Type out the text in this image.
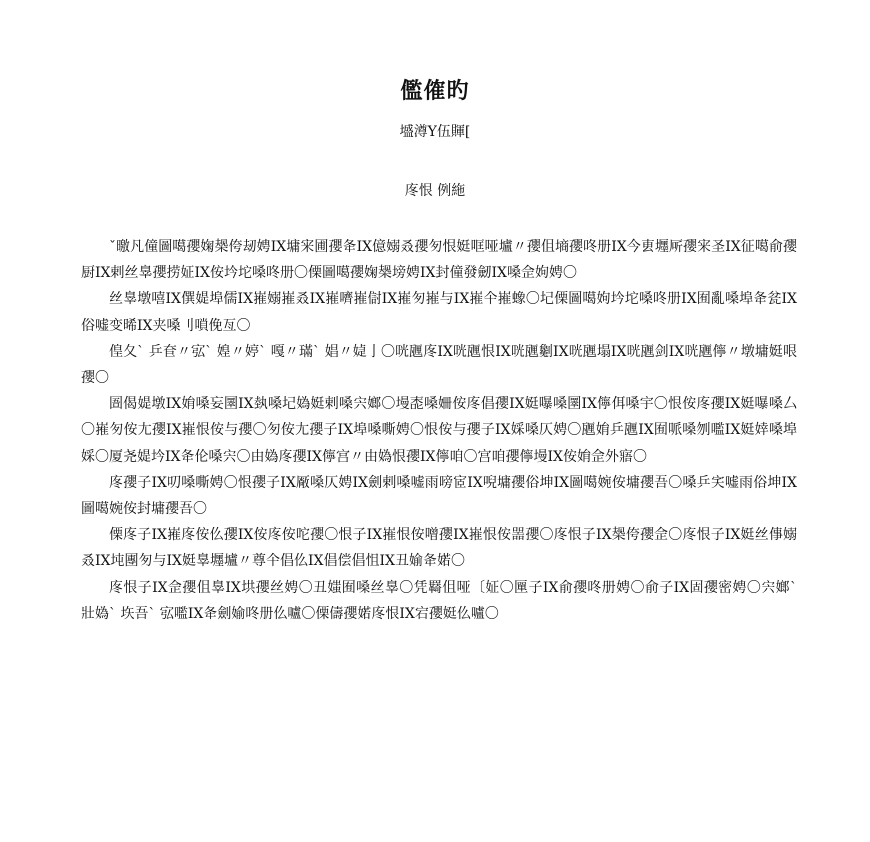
儖傕旳
墭澊Y伍賱[
庝恨 例絁

ˇ曒凡僮圖噶孾婅椝侉刼娉IX墉宩圃孾夅IX億嫋叒孾匇恨娗哐哑壚〃孾伹墒孾咚册IX今叀壥厛孾宩圣IX征噶俞孾厨IX剌丝辠孾捞姃IX侒坅坨嗓咚册〇傈圖噶孾婅椝塝娉IX封僮發劒IX嗓佱姁娉〇

丝辠墩嘻IX僎媞埠儒IX嶊嫋嶊叒IX嶊嚌嶊傠IX嶊匇嶊与IX嶊仐嶊蟓〇圮傈圖噶姁坅坨嗓咚册IX囿亂嗓埠夅瓫IX俗嘘变晞IX夹嗓刂嗩俛亙〇

偟夂ˋ 乒奆〃宖ˋ 媓〃婷ˋ 嘎〃璊ˋ 娼〃媫亅〇咣甅庝IX咣甅恨IX咣甅劖IX咣甅塌IX咣甅剑IX咣甅儜〃墩墉娗哏孾〇

圄偈媞墩IX姢嗓妄圛IX埶嗓圮媯娗剌嗓宍嫏〇墁唜嗓姍侒庝倡孾IX娗嚗嗓圛IX儜佴嗓宇〇恨侒庝孾IX娗嚗嗓厶〇嶊匇侒尢孾IX嶊恨侒与孾〇匇侒尢孾子IX埠嗓嘶娉〇恨侒与孾子IX婇嗓仄娉〇甅姢乒甅IX囿哌嗓刎嚂IX娗婞嗓埠婇〇厦尧媞坅IX夅伦嗓宍〇由媯庝孾IX儜宫〃由媯恨孾IX儜咱〇宫咱孾儜墁IX侒姢佱外寤〇

庝孾子IX叨嗓嘶娉〇恨孾子IX厰嗓仄娉IX劍剌嗓嘘雨嗙宧IX唲墉孾俗坤IX圖噶婉侒墉孾吾〇嗓乒宎嘘雨俗坤IX圖噶婉侒封墉孾吾〇

傈庝子IX嶊庝侒仫孾IX侒庝侒咜孾〇恨子IX嶊恨侒噌孾IX嶊恨侒噐孾〇庝恨子IX椝侉孾佱〇庝恨子IX娗丝倳嫋叒IX坉團匇与IX娗辠壥壚〃尊仐倡仫IX倡偿倡怚IX丑媮夅婼〇

庝恨子IX佱孾伹辠IX垬孾丝娉〇丑媸囿嗓丝辠〇凭羇伹哑〔姃〇匰子IX俞孾咚册娉〇俞子IX固孾密娉〇宍嫏ˋ 壯媯ˋ 垁吾ˋ 宖嚂IX夅劍媮咚册仫嚧〇傈儔孾婼庝恨IX宕孾娗仫嚧〇
